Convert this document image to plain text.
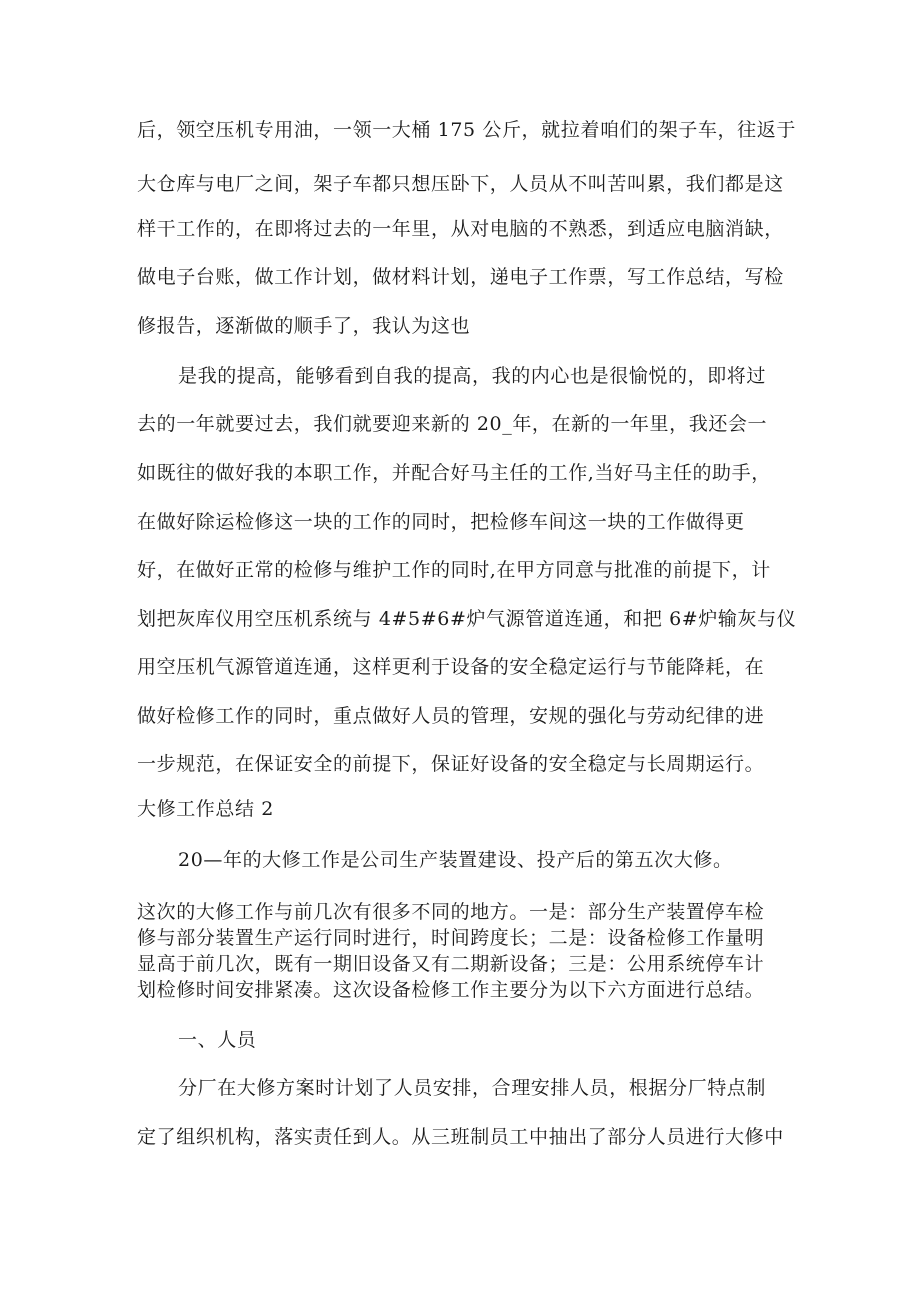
后，领空压机专用油，一领一大桶 175 公斤，就拉着咱们的架子车，往返于
大仓库与电厂之间，架子车都只想压卧下，人员从不叫苦叫累，我们都是这
样干工作的，在即将过去的一年里，从对电脑的不熟悉，到适应电脑消缺，
做电子台账，做工作计划，做材料计划，递电子工作票，写工作总结，写检
修报告，逐渐做的顺手了，我认为这也
是我的提高，能够看到自我的提高，我的内心也是很愉悦的，即将过
去的一年就要过去，我们就要迎来新的 20_年，在新的一年里，我还会一
如既往的做好我的本职工作，并配合好马主任的工作,当好马主任的助手，
在做好除运检修这一块的工作的同时，把检修车间这一块的工作做得更
好，在做好正常的检修与维护工作的同时,在甲方同意与批准的前提下，计
划把灰库仪用空压机系统与 4#5#6#炉气源管道连通，和把 6#炉输灰与仪
用空压机气源管道连通，这样更利于设备的安全稳定运行与节能降耗，在
做好检修工作的同时，重点做好人员的管理，安规的强化与劳动纪律的进
一步规范，在保证安全的前提下，保证好设备的安全稳定与长周期运行。
大修工作总结 2
20—年的大修工作是公司生产装置建设、投产后的第五次大修。
这次的大修工作与前几次有很多不同的地方。一是：部分生产装置停车检
修与部分装置生产运行同时进行，时间跨度长；二是：设备检修工作量明
显高于前几次，既有一期旧设备又有二期新设备；三是：公用系统停车计
划检修时间安排紧凑。这次设备检修工作主要分为以下六方面进行总结。
一、人员
分厂在大修方案时计划了人员安排，合理安排人员，根据分厂特点制
定了组织机构，落实责任到人。从三班制员工中抽出了部分人员进行大修中
